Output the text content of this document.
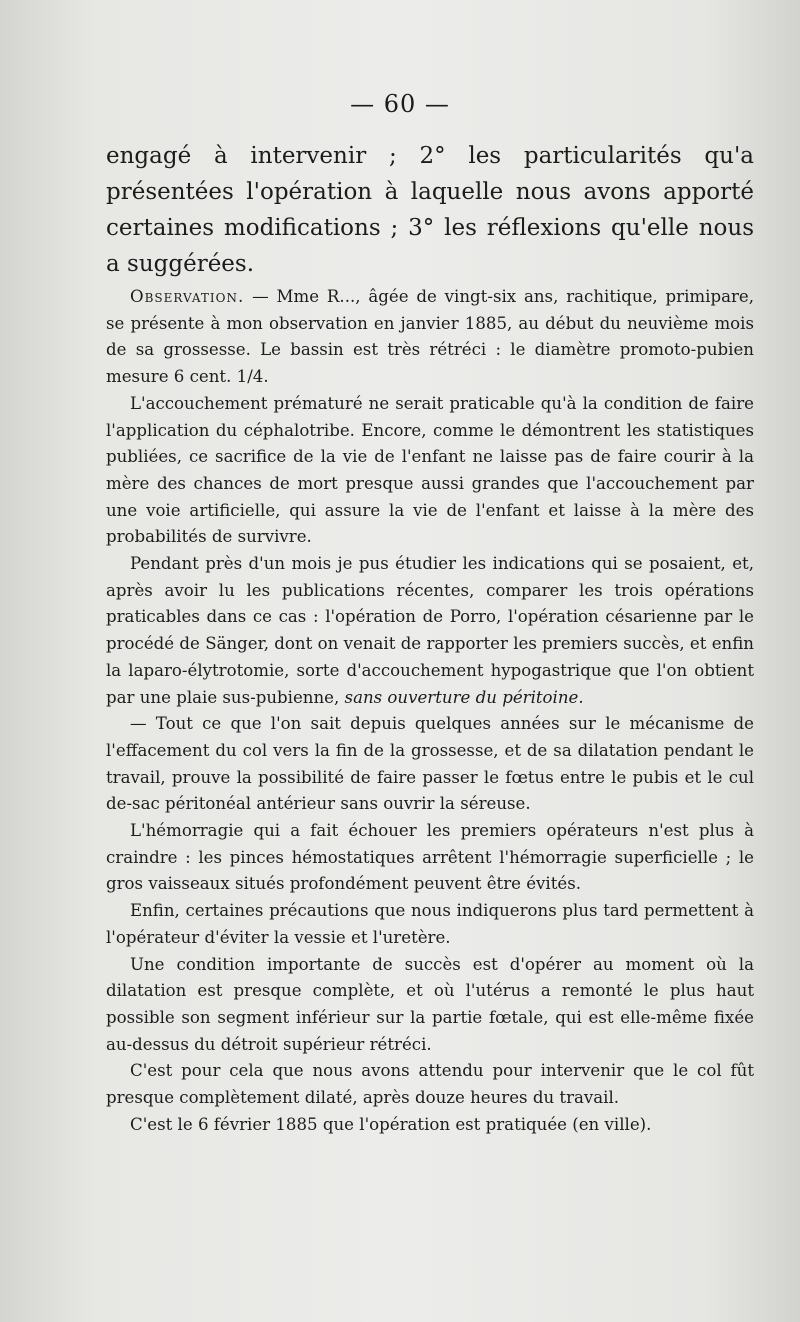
— 60 —

engagé à intervenir ; 2° les particularités qu'a présentées l'opération à laquelle nous avons apporté certaines modifications ; 3° les réflexions qu'elle nous a suggérées.

Observation. — Mme R..., âgée de vingt-six ans, rachitique, primipare, se présente à mon observation en janvier 1885, au début du neuvième mois de sa grossesse. Le bassin est très rétréci : le diamètre promoto-pubien mesure 6 cent. 1/4.

L'accouchement prématuré ne serait praticable qu'à la condition de faire l'application du céphalotribe. Encore, comme le démontrent les statistiques publiées, ce sacrifice de la vie de l'enfant ne laisse pas de faire courir à la mère des chances de mort presque aussi grandes que l'accouchement par une voie artificielle, qui assure la vie de l'enfant et laisse à la mère des probabilités de survivre.

Pendant près d'un mois je pus étudier les indications qui se posaient, et, après avoir lu les publications récentes, comparer les trois opérations praticables dans ce cas : l'opération de Porro, l'opération césarienne par le procédé de Sänger, dont on venait de rapporter les premiers succès, et enfin la laparo-élytrotomie, sorte d'accouchement hypogastrique que l'on obtient par une plaie sus-pubienne, sans ouverture du péritoine.

— Tout ce que l'on sait depuis quelques années sur le mécanisme de l'effacement du col vers la fin de la grossesse, et de sa dilatation pendant le travail, prouve la possibilité de faire passer le fœtus entre le pubis et le cul de-sac péritonéal antérieur sans ouvrir la séreuse.

L'hémorragie qui a fait échouer les premiers opérateurs n'est plus à craindre : les pinces hémostatiques arrêtent l'hémorragie superficielle ; le gros vaisseaux situés profondément peuvent être évités.

Enfin, certaines précautions que nous indiquerons plus tard permettent à l'opérateur d'éviter la vessie et l'uretère.

Une condition importante de succès est d'opérer au moment où la dilatation est presque complète, et où l'utérus a remonté le plus haut possible son segment inférieur sur la partie fœtale, qui est elle-même fixée au-dessus du détroit supérieur rétréci.

C'est pour cela que nous avons attendu pour intervenir que le col fût presque complètement dilaté, après douze heures du travail.

C'est le 6 février 1885 que l'opération est pratiquée (en ville).
